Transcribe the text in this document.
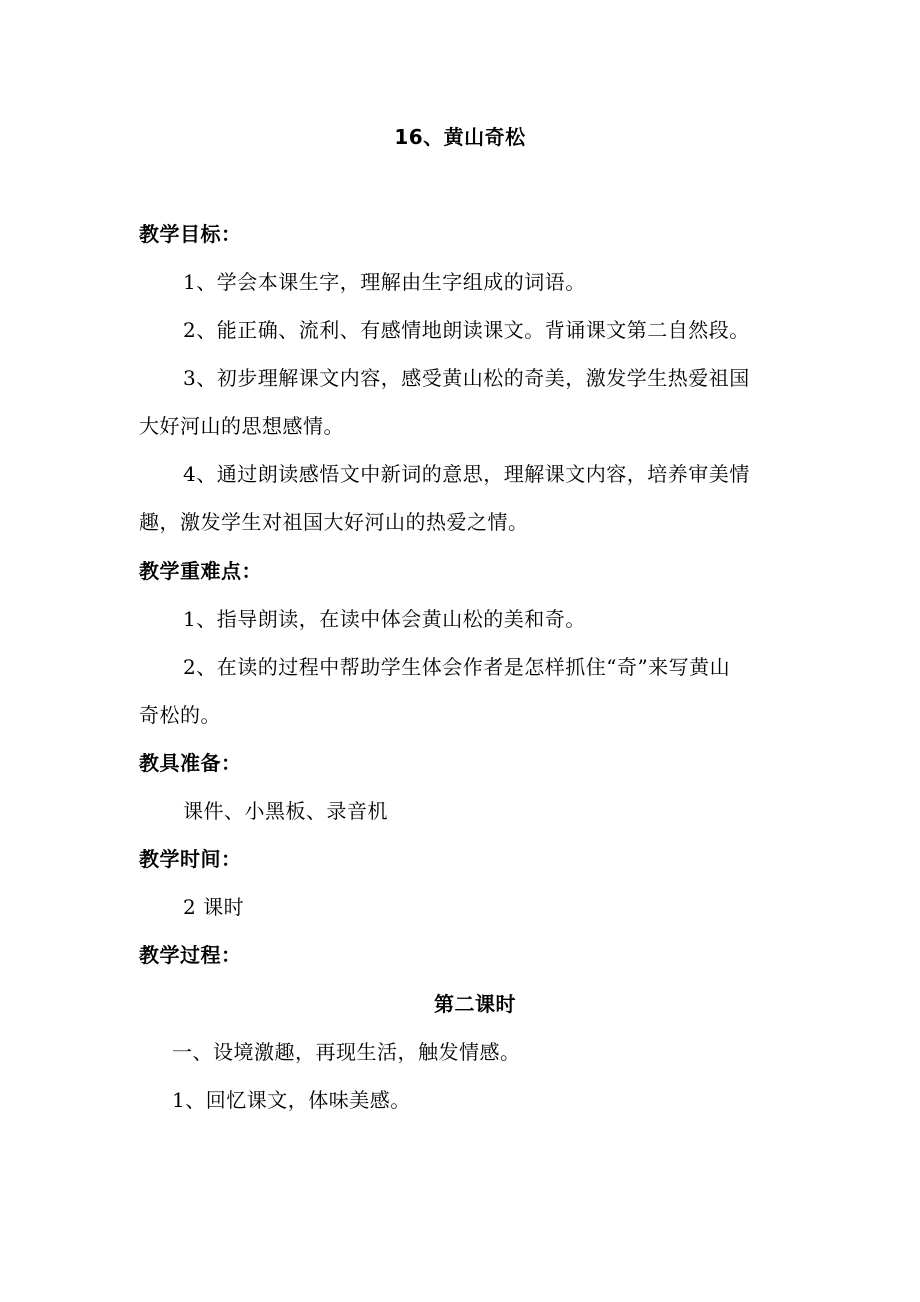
16、黄山奇松
教学目标：
1、学会本课生字，理解由生字组成的词语。
2、能正确、流利、有感情地朗读课文。背诵课文第二自然段。
3、初步理解课文内容，感受黄山松的奇美，激发学生热爱祖国
大好河山的思想感情。
4、通过朗读感悟文中新词的意思，理解课文内容，培养审美情
趣，激发学生对祖国大好河山的热爱之情。
教学重难点：
1、指导朗读，在读中体会黄山松的美和奇。
2、在读的过程中帮助学生体会作者是怎样抓住“奇”来写黄山
奇松的。
教具准备：
课件、小黑板、录音机
教学时间：
2 课时
教学过程：
第二课时
一、设境激趣，再现生活，触发情感。
1、回忆课文，体味美感。
